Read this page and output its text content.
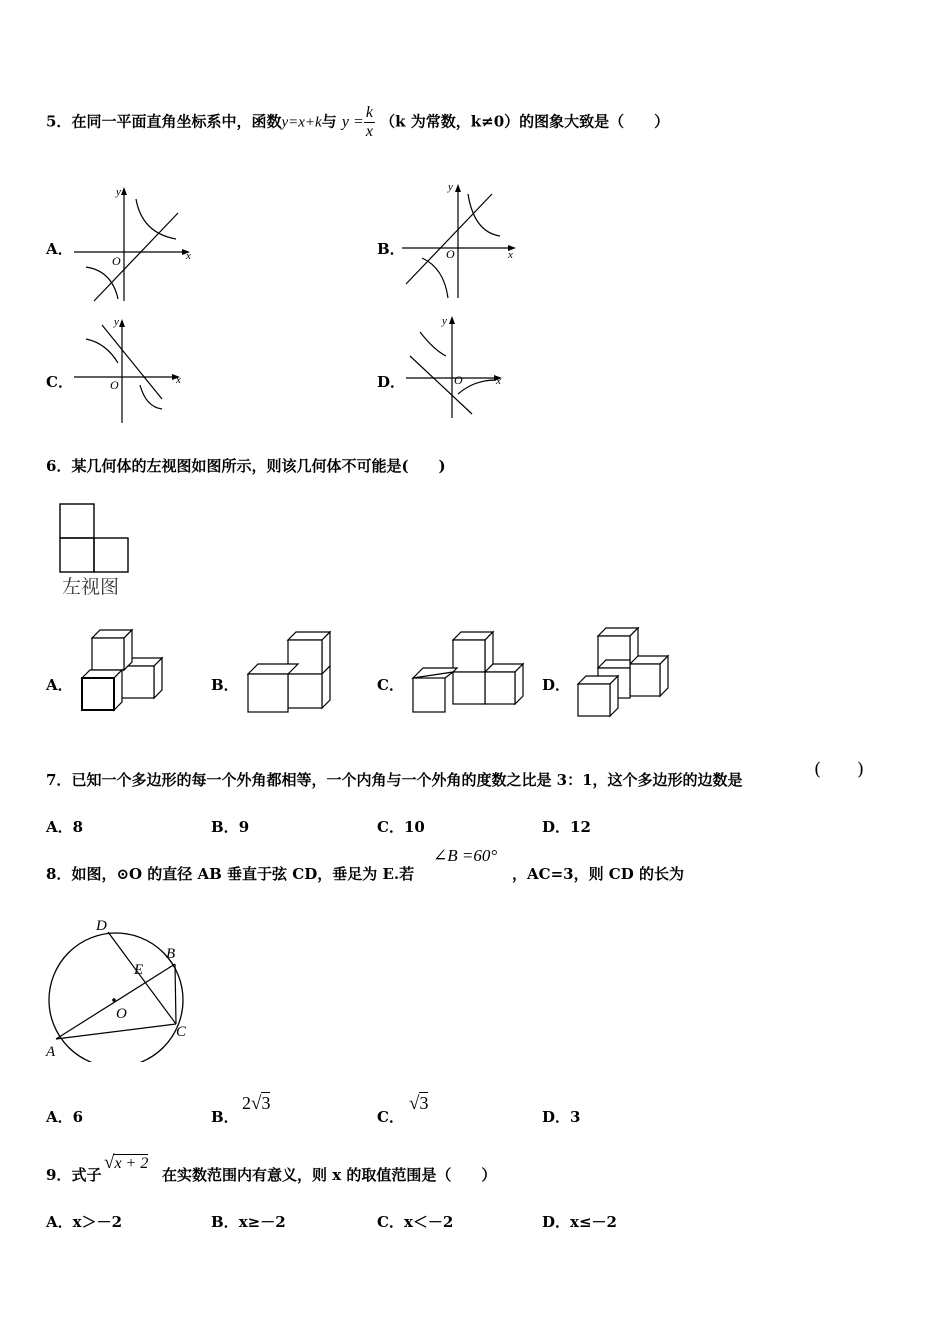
5．在同一平面直角坐标系中，函数y=x+k与 $y = \frac{k}{x} (k$ 为常数，k≠0）的图象大致是（　　）
A．	x
y
O
B．	x
y
O
C．	x
y
O	D．	x
y
O
6．某几何体的左视图如图所示，则该几何体不可能是(　　)
左视图
A．	B．	C．	D．
7．已知一个多边形的每一个外角都相等，一个内角与一个外角的度数之比是 3：1，这个多边形的边数是	(　　)
A．8	B．9	C．10	D．12
8．如图，⊙O 的直径 AB 垂直于弦 CD，垂足为 E.若
∠B =60°
，AC=3，则 CD 的长为
D
B
E
O
C
A
A．6	B．
2√3
C．
√3
D．3
9．式子
√x + 2
在实数范围内有意义，则 x 的取值范围是（　　）
A．x＞－2	B．x≥－2	C．x＜－2	D．x≤－2
